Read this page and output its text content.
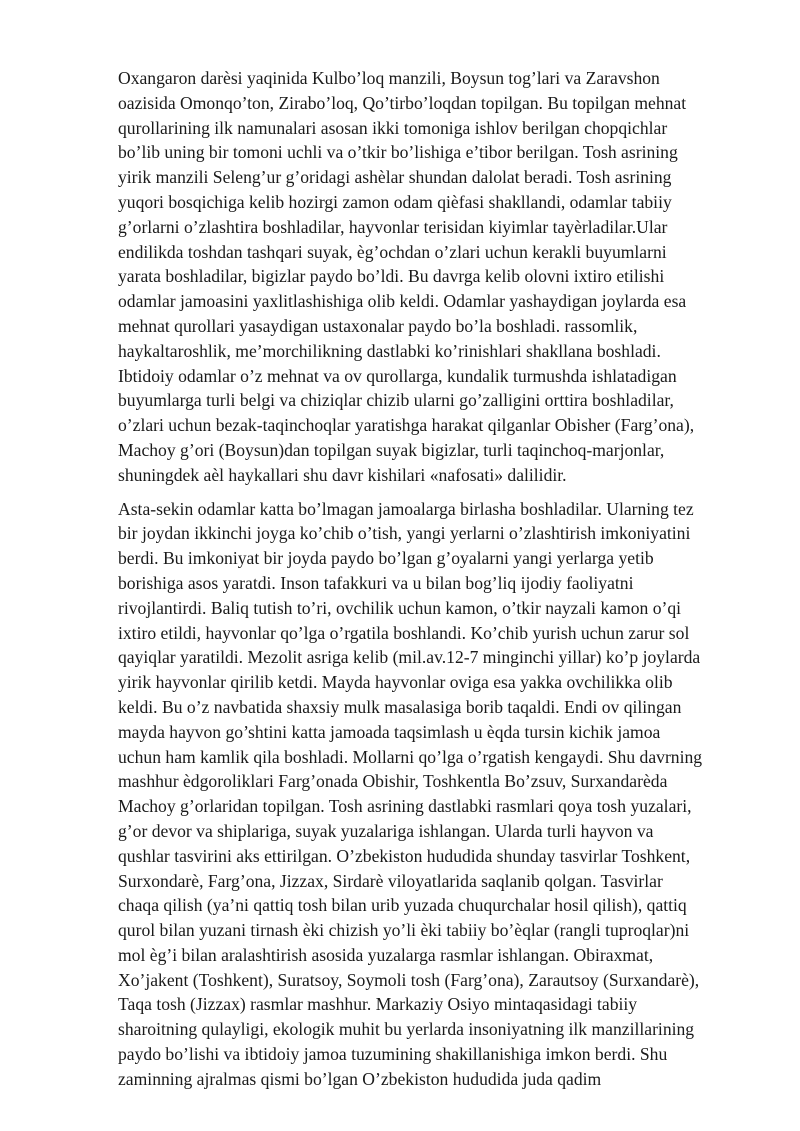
Oxangaron darèsi yaqinida Kulbo’loq manzili, Boysun tog’lari va Zaravshon
oazisida Omonqo’ton, Zirabo’loq, Qo’tirbo’loqdan topilgan. Bu topilgan mehnat
qurollarining ilk namunalari asosan ikki tomoniga ishlov berilgan chopqichlar
bo’lib uning bir tomoni uchli va o’tkir bo’lishiga e’tibor berilgan. Tosh asrining
yirik manzili Seleng’ur g’oridagi ashèlar shundan dalolat beradi. Tosh asrining
yuqori bosqichiga kelib hozirgi zamon odam qièfasi shakllandi, odamlar tabiiy
g’orlarni o’zlashtira boshladilar, hayvonlar terisidan kiyimlar tayèrladilar.Ular
endilikda toshdan tashqari suyak, èg’ochdan o’zlari uchun kerakli buyumlarni
yarata boshladilar, bigizlar paydo bo’ldi. Bu davrga kelib olovni ixtiro etilishi
odamlar jamoasini yaxlitlashishiga olib keldi. Odamlar yashaydigan joylarda esa
mehnat qurollari yasaydigan ustaxonalar paydo bo’la boshladi. rassomlik,
haykaltaroshlik, me’morchilikning dastlabki ko’rinishlari shakllana boshladi.
Ibtidoiy odamlar o’z mehnat va ov qurollarga, kundalik turmushda ishlatadigan
buyumlarga turli belgi va chiziqlar chizib ularni go’zalligini orttira boshladilar,
o’zlari uchun bezak-taqinchoqlar yaratishga harakat qilganlar Obisher (Farg’ona),
Machoy g’ori (Boysun)dan topilgan suyak bigizlar, turli taqinchoq-marjonlar,
shuningdek aèl haykallari shu davr kishilari «nafosati» dalilidir.

Asta-sekin odamlar katta bo’lmagan jamoalarga birlasha boshladilar. Ularning tez
bir joydan ikkinchi joyga ko’chib o’tish, yangi yerlarni o’zlashtirish imkoniyatini
berdi. Bu imkoniyat bir joyda paydo bo’lgan g’oyalarni yangi yerlarga yetib
borishiga asos yaratdi. Inson tafakkuri va u bilan bog’liq ijodiy faoliyatni
rivojlantirdi. Baliq tutish to’ri, ovchilik uchun kamon, o’tkir nayzali kamon o’qi
ixtiro etildi, hayvonlar qo’lga o’rgatila boshlandi. Ko’chib yurish uchun zarur sol
qayiqlar yaratildi. Mezolit asriga kelib (mil.av.12-7 minginchi yillar) ko’p joylarda
yirik hayvonlar qirilib ketdi. Mayda hayvonlar oviga esa yakka ovchilikka olib
keldi. Bu o’z navbatida shaxsiy mulk masalasiga borib taqaldi. Endi ov qilingan
mayda hayvon go’shtini katta jamoada taqsimlash u èqda tursin kichik jamoa
uchun ham kamlik qila boshladi. Mollarni qo’lga o’rgatish kengaydi. Shu davrning
mashhur èdgoroliklari Farg’onada Obishir, Toshkentla Bo’zsuv, Surxandarèda
Machoy g’orlaridan topilgan. Tosh asrining dastlabki rasmlari qoya tosh yuzalari,
g’or devor va shiplariga, suyak yuzalariga ishlangan. Ularda turli hayvon va
qushlar tasvirini aks ettirilgan. O’zbekiston hududida shunday tasvirlar Toshkent,
Surxondarè, Farg’ona, Jizzax, Sirdarè viloyatlarida saqlanib qolgan. Tasvirlar
chaqa qilish (ya’ni qattiq tosh bilan urib yuzada chuqurchalar hosil qilish), qattiq
qurol bilan yuzani tirnash èki chizish yo’li èki tabiiy bo’èqlar (rangli tuproqlar)ni
mol èg’i bilan aralashtirish asosida yuzalarga rasmlar ishlangan. Obiraxmat,
Xo’jakent (Toshkent), Suratsoy, Soymoli tosh (Farg’ona), Zarautsoy (Surxandarè),
Taqa tosh (Jizzax) rasmlar mashhur. Markaziy Osiyo mintaqasidagi tabiiy
sharoitning qulayligi, ekologik muhit bu yerlarda insoniyatning ilk manzillarining
paydo bo’lishi va ibtidoiy jamoa tuzumining shakillanishiga imkon berdi. Shu
zaminning ajralmas qismi bo’lgan O’zbekiston hududida juda qadim
